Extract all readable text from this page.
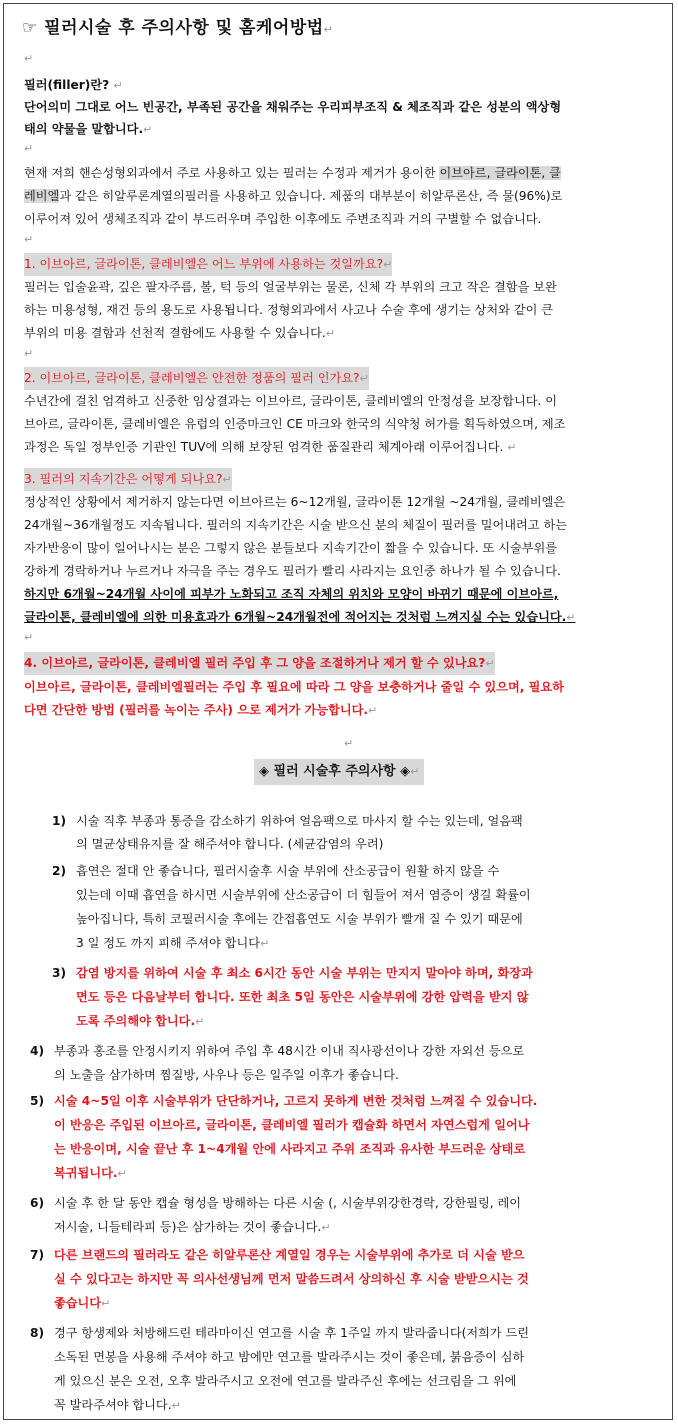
☞ 필러시술 후 주의사항 및 홈케어방법↵
↵
필러(filler)란? ↵
단어의미 그대로 어느 빈공간, 부족된 공간을 채워주는 우리피부조직 & 체조직과 같은 성분의 액상형
태의 약물을 말합니다.↵
↵
현재 저희 핸슨성형외과에서 주로 사용하고 있는 필러는 수정과 제거가 용이한 이브아르, 글라이톤, 클
레비엘과 같은 히알루론계열의필러를 사용하고 있습니다. 제품의 대부분이 히알루론산, 즉 물(96%)로
이루어져 있어 생체조직과 같이 부드러우며 주입한 이후에도 주변조직과 거의 구별할 수 없습니다.
↵
1. 이브아르, 글라이톤, 클레비엘은 어느 부위에 사용하는 것일까요?↵
필러는 입술윤곽, 깊은 팔자주름, 볼, 턱 등의 얼굴부위는 물론, 신체 각 부위의 크고 작은 결함을 보완
하는 미용성형, 재건 등의 용도로 사용됩니다. 정형외과에서 사고나 수술 후에 생기는 상처와 같이 큰
부위의 미용 결함과 선천적 결함에도 사용할 수 있습니다.↵
↵
2. 이브아르, 글라이톤, 클레비엘은 안전한 정품의 필러 인가요?↵
수년간에 걸친 엄격하고 신중한 임상결과는 이브아르, 글라이톤, 클레비엘의 안정성을 보장합니다. 이
브아르, 글라이톤, 클레비엘은 유럽의 인증마크인 CE 마크와 한국의 식약청 허가를 획득하였으며, 제조
과정은 독일 정부인증 기관인 TUV에 의해 보장된 엄격한 품질관리 체계아래 이루어집니다. ↵
3. 필러의 지속기간은 어떻게 되나요?↵
정상적인 상황에서 제거하지 않는다면 이브아르는 6~12개월, 글라이톤 12개월 ~24개월, 클레비엘은
24개월~36개월정도 지속됩니다. 필러의 지속기간은 시술 받으신 분의 체질이 필러를 밀어내려고 하는
자가반응이 많이 일어나시는 분은 그렇지 않은 분들보다 지속기간이 짧을 수 있습니다. 또 시술부위를
강하게 경락하거나 누르거나 자극을 주는 경우도 필러가 빨리 사라지는 요인중 하나가 될 수 있습니다.
하지만 6개월~24개월 사이에 피부가 노화되고 조직 자체의 위치와 모양이 바뀌기 때문에 이브아르,
글라이톤, 클레비엘에 의한 미용효과가 6개월~24개월전에 적어지는 것처럼 느껴지실 수는 있습니다.↵
↵
4. 이브아르, 글라이톤, 클레비엘 필러 주입 후 그 양을 조절하거나 제거 할 수 있나요?↵
이브아르, 글라이톤, 클레비엘필러는 주입 후 필요에 따라 그 양을 보충하거나 줄일 수 있으며, 필요하
다면 간단한 방법 (필러를 녹이는 주사) 으로 제거가 가능합니다.↵
↵
◈ 필러 시술후 주의사항 ◈↵
1) 시술 직후 부종과 통증을 감소하기 위하여 얼음팩으로 마사지 할 수는 있는데, 얼음팩
의 멸균상태유지를 잘 해주셔야 합니다. (세균감염의 우려)
2) 흡연은 절대 안 좋습니다, 필러시술후 시술 부위에 산소공급이 원활 하지 않을 수
있는데 이때 흡연을 하시면 시술부위에 산소공급이 더 힘들어 져서 염증이 생길 확률이
높아집니다, 특히 코필러시술 후에는 간접흡연도 시술 부위가 빨개 질 수 있기 때문에
3 일 정도 까지 피해 주셔야 합니다↵
3) 감염 방지를 위하여 시술 후 최소 6시간 동안 시술 부위는 만지지 말아야 하며, 화장과
면도 등은 다음날부터 합니다. 또한 최초 5일 동안은 시술부위에 강한 압력을 받지 않
도록 주의해야 합니다.↵
4) 부종과 홍조를 안정시키지 위하여 주입 후 48시간 이내 직사광선이나 강한 자외선 등으로
의 노출을 삼가하며 찜질방, 사우나 등은 일주일 이후가 좋습니다.
5) 시술 4~5일 이후 시술부위가 단단하거나, 고르지 못하게 변한 것처럼 느껴질 수 있습니다.
이 반응은 주입된 이브아르, 글라이톤, 클레비엘 필러가 캡슐화 하면서 자연스럽게 일어나
는 반응이며, 시술 끝난 후 1~4개월 안에 사라지고 주위 조직과 유사한 부드러운 상태로
복귀됩니다.↵
6) 시술 후 한 달 동안 캡슐 형성을 방해하는 다른 시술 (, 시술부위강한경락, 강한필링, 레이
저시술, 니들테라피 등)은 삼가하는 것이 좋습니다.↵
7) 다른 브랜드의 필러라도 같은 히알루론산 계열일 경우는 시술부위에 추가로 더 시술 받으
실 수 있다고는 하지만 꼭 의사선생님께 먼저 말씀드려서 상의하신 후 시술 받받으시는 것
좋습니다↵
8) 경구 항생제와 처방해드린 테라마이신 연고를 시술 후 1주일 까지 발라줍니다(저희가 드린
소독된 면봉을 사용해 주셔야 하고 밤에만 연고를 발라주시는 것이 좋은데, 붉음증이 심하
게 있으신 분은 오전, 오후 발라주시고 오전에 연고를 발라주신 후에는 선크림을 그 위에
꼭 발라주셔야 합니다.↵
